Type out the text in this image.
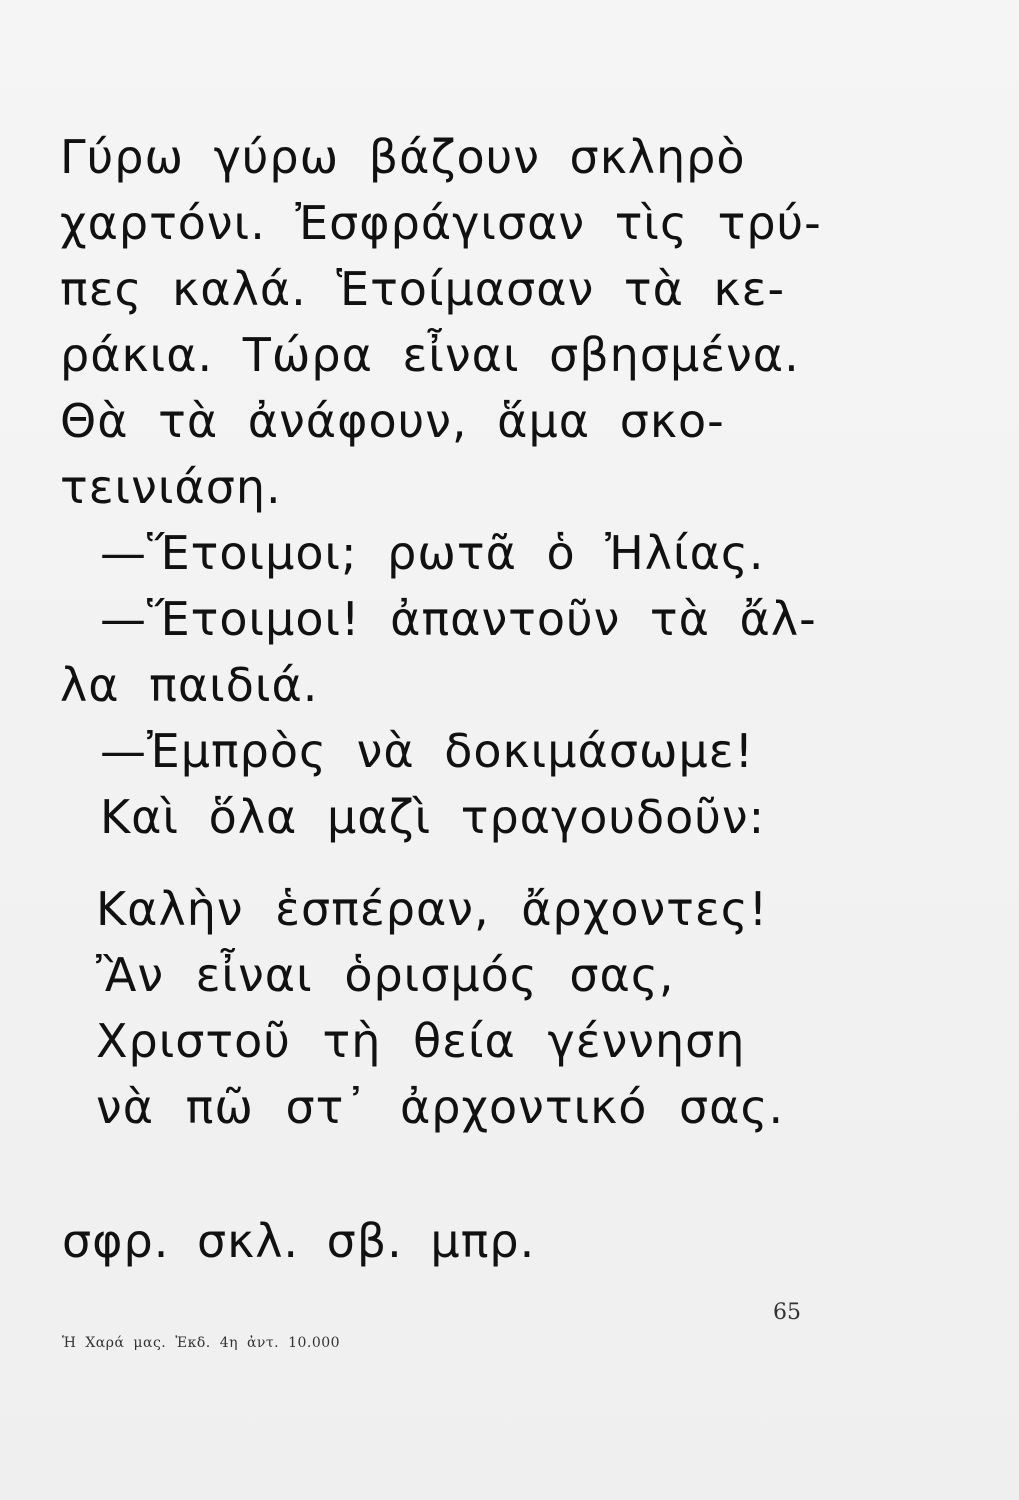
Γύρω γύρω βάζουν σκληρὸ
χαρτόνι. Ἐσφράγισαν τὶς τρύ-
πες καλά. Ἑτοίμασαν τὰ κε-
ράκια. Τώρα εἶναι σβησμένα.
Θὰ τὰ ἀνάφουν, ἅμα σκο-
τεινιάση.
—Ἕτοιμοι; ρωτᾶ ὁ Ἠλίας.
—Ἕτοιμοι! ἀπαντοῦν τὰ ἄλ-
λα παιδιά.
—Ἐμπρὸς νὰ δοκιμάσωμε!
Καὶ ὅλα μαζὶ τραγουδοῦν:
Καλὴν ἑσπέραν, ἄρχοντες!
Ἂν εἶναι ὁρισμός σας,
Χριστοῦ τὴ θεία γέννηση
νὰ πῶ στ᾽ ἀρχοντικό σας.
σφρ. σκλ. σβ. μπρ.
65
Ἡ Χαρά μας. Ἐκδ. 4η ἀντ. 10.000
